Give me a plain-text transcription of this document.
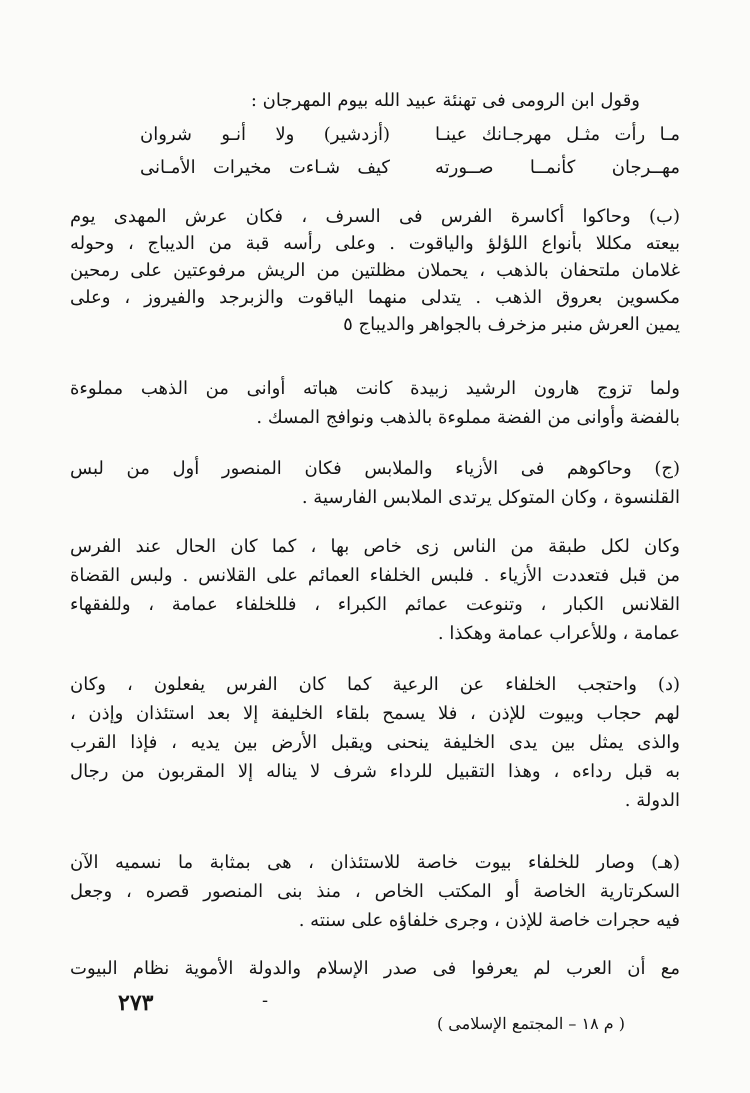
وقول ابن الرومى فى تهنئة عبيد الله بيوم المهرجان :
مـا رأت مثـل مهرجـانك عينـا
(أزدشير) ولا أنـو شروان
مهــرجان كأنمــا صــورته
كيف شـاءت مخيرات الأمـانى
(ب) وحاكوا أكاسرة الفرس فى السرف ، فكان عرش المهدى يوم
بيعته مكللا بأنواع اللؤلؤ والياقوت . وعلى رأسه قبة من الديباج ، وحوله
غلامان ملتحفان بالذهب ، يحملان مظلتين من الريش مرفوعتين على رمحين
مكسوين بعروق الذهب . يتدلى منهما الياقوت والزبرجد والفيروز ، وعلى
يمين العرش منبر مزخرف بالجواهر والديباج ٥
ولما تزوج هارون الرشيد زبيدة كانت هباته أوانى من الذهب مملوءة
بالفضة وأوانى من الفضة مملوءة بالذهب ونوافج المسك .
(ج) وحاكوهم فى الأزياء والملابس فكان المنصور أول من لبس
القلنسوة ، وكان المتوكل يرتدى الملابس الفارسية .
وكان لكل طبقة من الناس زى خاص بها ، كما كان الحال عند الفرس
من قبل فتعددت الأزياء . فلبس الخلفاء العمائم على القلانس . ولبس القضاة
القلانس الكبار ، وتنوعت عمائم الكبراء ، فللخلفاء عمامة ، وللفقهاء
عمامة ، وللأعراب عمامة وهكذا .
(د) واحتجب الخلفاء عن الرعية كما كان الفرس يفعلون ، وكان
لهم حجاب وبيوت للإذن ، فلا يسمح بلقاء الخليفة إلا بعد استئذان وإذن ،
والذى يمثل بين يدى الخليفة ينحنى ويقبل الأرض بين يديه ، فإذا القرب
به قبل رداءه ، وهذا التقبيل للرداء شرف لا يناله إلا المقربون من رجال
الدولة .
(هـ) وصار للخلفاء بيوت خاصة للاستئذان ، هى بمثابة ما نسميه الآن
السكرتارية الخاصة أو المكتب الخاص ، منذ بنى المنصور قصره ، وجعل
فيه حجرات خاصة للإذن ، وجرى خلفاؤه على سنته .
مع أن العرب لم يعرفوا فى صدر الإسلام والدولة الأموية نظام البيوت
٢٧٣	-
( م ١٨ – المجتمع الإسلامى )
